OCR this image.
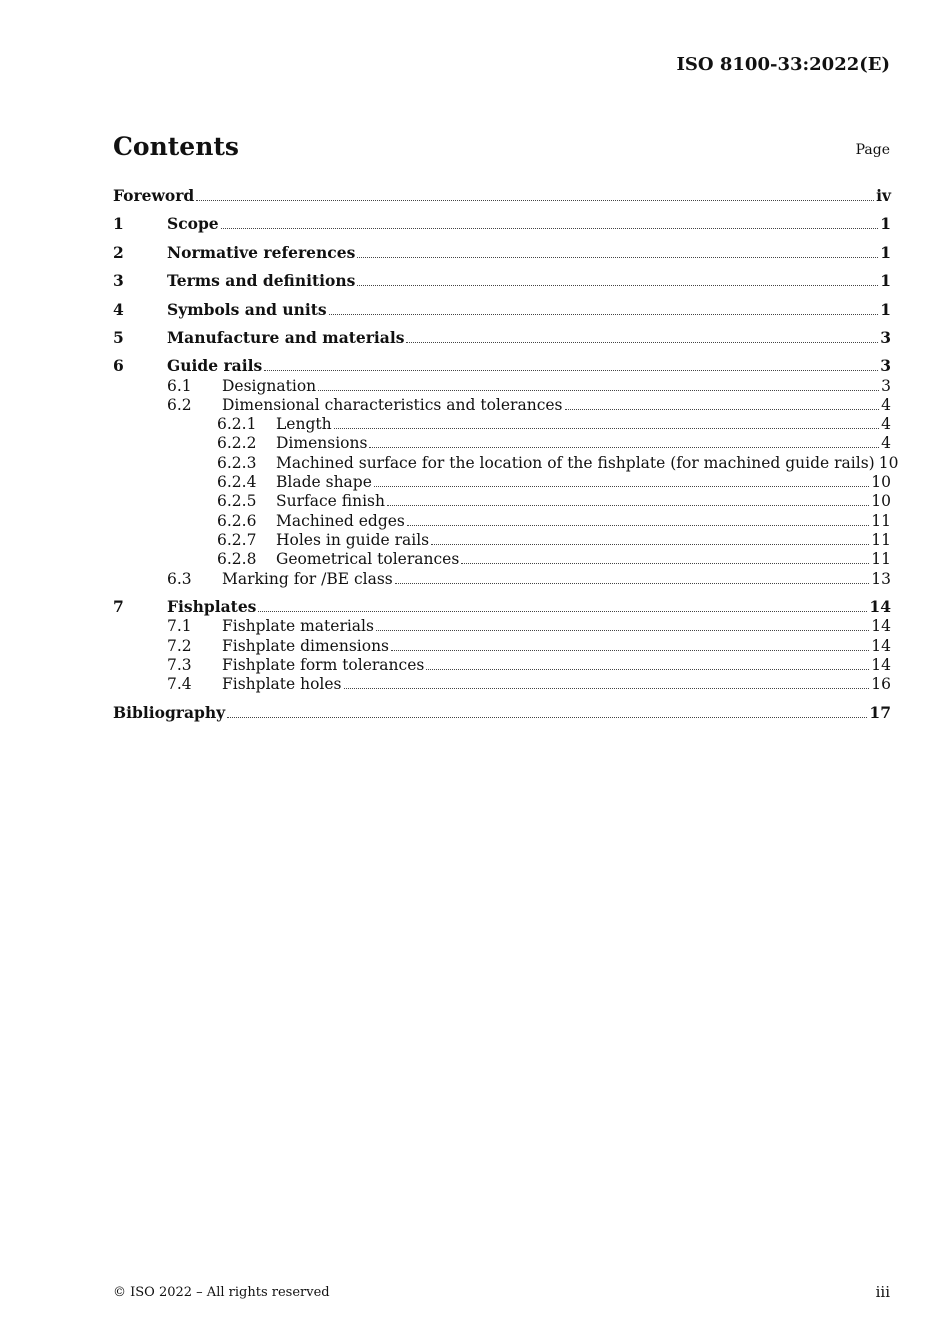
ISO 8100-33:2022(E)
Contents	Page
Foreword	iv
1	Scope	1
2	Normative references	1
3	Terms and definitions	1
4	Symbols and units	1
5	Manufacture and materials	3
6	Guide rails	3
6.1	Designation	3
6.2	Dimensional characteristics and tolerances	4
6.2.1	Length	4
6.2.2	Dimensions	4
6.2.3	Machined surface for the location of the fishplate (for machined guide rails) 10
6.2.4	Blade shape	10
6.2.5	Surface finish	10
6.2.6	Machined edges	11
6.2.7	Holes in guide rails	11
6.2.8	Geometrical tolerances	11
6.3	Marking for /BE class	13
7	Fishplates	14
7.1	Fishplate materials	14
7.2	Fishplate dimensions	14
7.3	Fishplate form tolerances	14
7.4	Fishplate holes	16
Bibliography	17
© ISO 2022 – All rights reserved	iii
